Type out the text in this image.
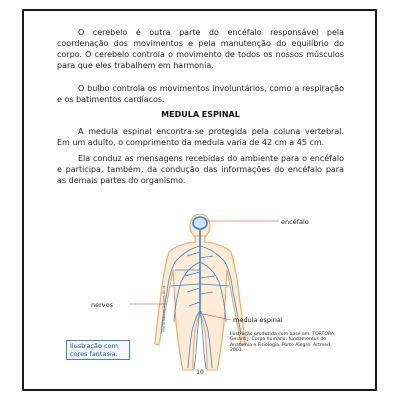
O cerebelo é outra parte do encéfalo responsável pela coordenação dos movimentos e pela manutenção do equilíbrio do corpo. O cerebelo controla o movimento de todos os nossos músculos para que eles trabalhem em harmonia.

O bulbo controla os movimentos involuntários, como a respiração e os batimentos cardíacos.

MEDULA ESPINAL

A medula espinal encontra-se protegida pela coluna vertebral. Em um adulto, o comprimento da medula varia de 42 cm a 45 cm.

Ela conduz as mensagens recebidas do ambiente para o encéfalo e participa, também, da condução das informações do encéfalo para as demais partes do organismo.

encéfalo
nervos
medula espinal
Ilustração com cores fantasia.
Mario Kanno/ Editora Ática
Ilustração produzida com base em: TORTORA, Gerard J. Corpo humano: fundamentos de Anatomia e Fisiologia. Porto Alegre: Artmed, 2001.
10
